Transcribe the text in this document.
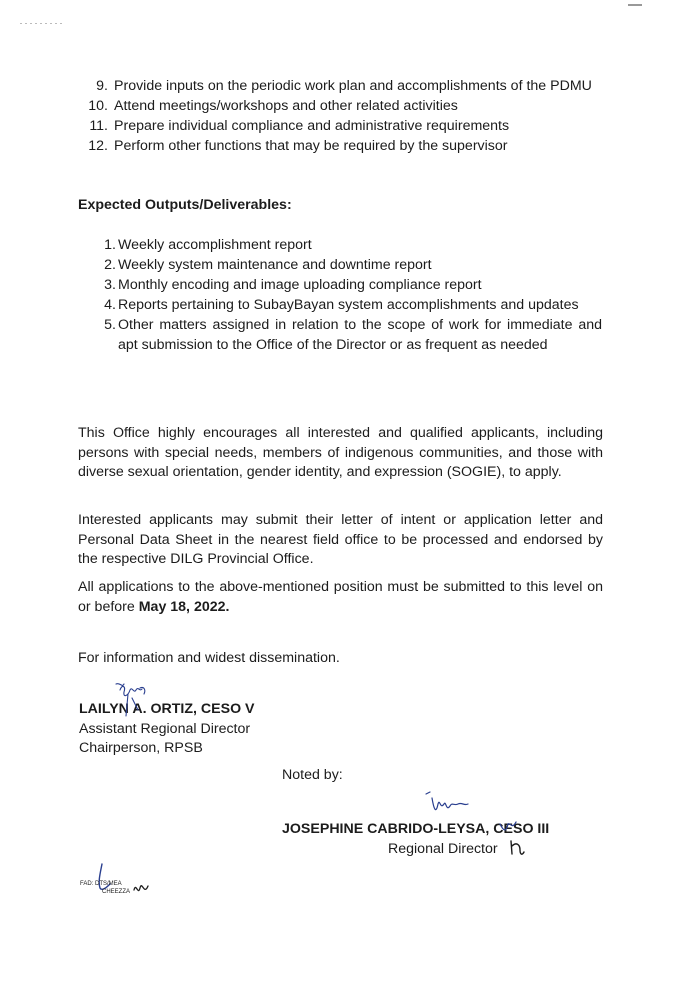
9. Provide inputs on the periodic work plan and accomplishments of the PDMU
10. Attend meetings/workshops and other related activities
11. Prepare individual compliance and administrative requirements
12. Perform other functions that may be required by the supervisor
Expected Outputs/Deliverables:
1. Weekly accomplishment report
2. Weekly system maintenance and downtime report
3. Monthly encoding and image uploading compliance report
4. Reports pertaining to SubayBayan system accomplishments and updates
5. Other matters assigned in relation to the scope of work for immediate and apt submission to the Office of the Director or as frequent as needed

This Office highly encourages all interested and qualified applicants, including persons with special needs, members of indigenous communities, and those with diverse sexual orientation, gender identity, and expression (SOGIE), to apply.

Interested applicants may submit their letter of intent or application letter and Personal Data Sheet in the nearest field office to be processed and endorsed by the respective DILG Provincial Office.

All applications to the above-mentioned position must be submitted to this level on or before May 18, 2022.

For information and widest dissemination.

LAILYN A. ORTIZ, CESO V
Assistant Regional Director
Chairperson, RPSB

Noted by:

JOSEPHINE CABRIDO-LEYSA, CESO III
Regional Director
FAD: DTS/MEA
CHEEZZA
